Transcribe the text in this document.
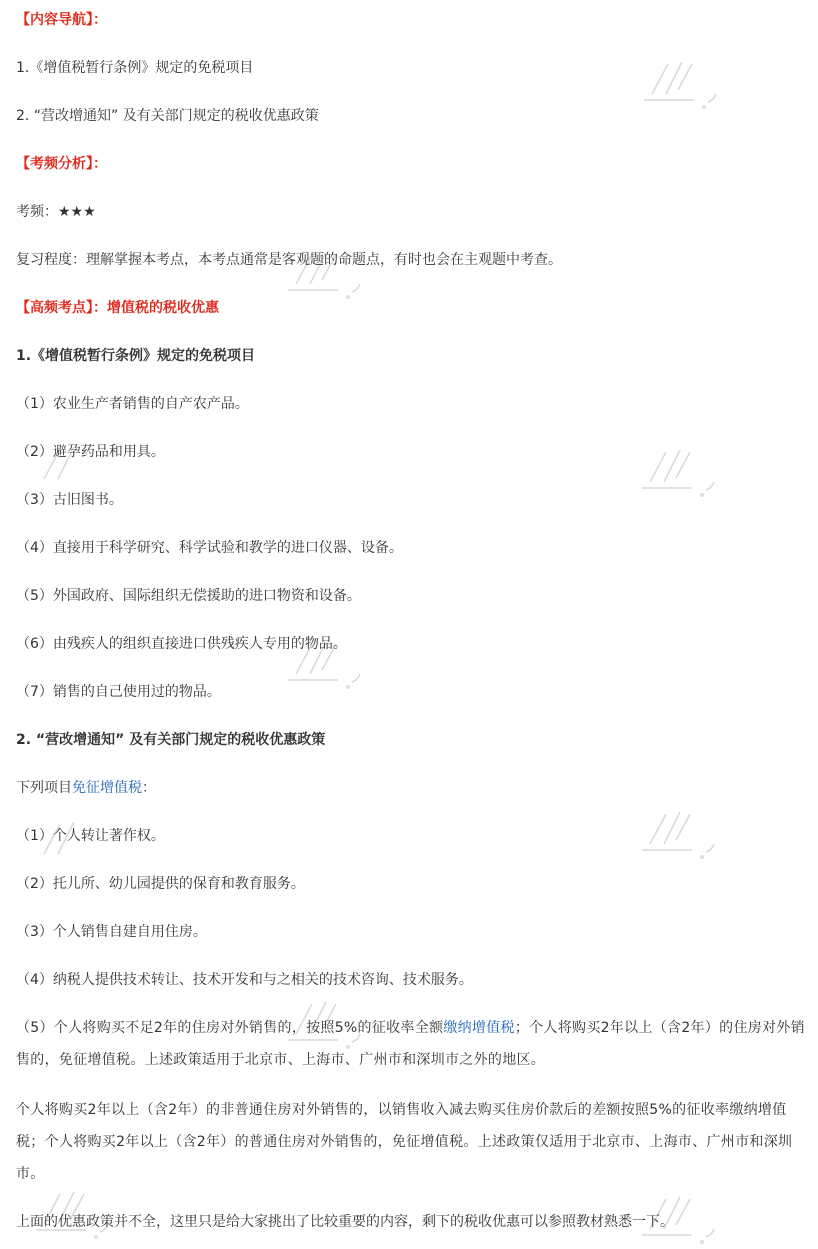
【内容导航】：
1.《增值税暂行条例》规定的免税项目
2. “营改增通知” 及有关部门规定的税收优惠政策
【考频分析】：
考频：★★★
复习程度：理解掌握本考点，本考点通常是客观题的命题点，有时也会在主观题中考查。
【高频考点】：增值税的税收优惠
1.《增值税暂行条例》规定的免税项目
（1）农业生产者销售的自产农产品。
（2）避孕药品和用具。
（3）古旧图书。
（4）直接用于科学研究、科学试验和教学的进口仪器、设备。
（5）外国政府、国际组织无偿援助的进口物资和设备。
（6）由残疾人的组织直接进口供残疾人专用的物品。
（7）销售的自己使用过的物品。
2. “营改增通知” 及有关部门规定的税收优惠政策
下列项目免征增值税：
（1）个人转让著作权。
（2）托儿所、幼儿园提供的保育和教育服务。
（3）个人销售自建自用住房。
（4）纳税人提供技术转让、技术开发和与之相关的技术咨询、技术服务。
（5）个人将购买不足2年的住房对外销售的，按照5%的征收率全额缴纳增值税；个人将购买2年以上（含2年）的住房对外销售的，免征增值税。上述政策适用于北京市、上海市、广州市和深圳市之外的地区。
个人将购买2年以上（含2年）的非普通住房对外销售的，以销售收入减去购买住房价款后的差额按照5%的征收率缴纳增值税；个人将购买2年以上（含2年）的普通住房对外销售的，免征增值税。上述政策仅适用于北京市、上海市、广州市和深圳市。
上面的优惠政策并不全，这里只是给大家挑出了比较重要的内容，剩下的税收优惠可以参照教材熟悉一下。
